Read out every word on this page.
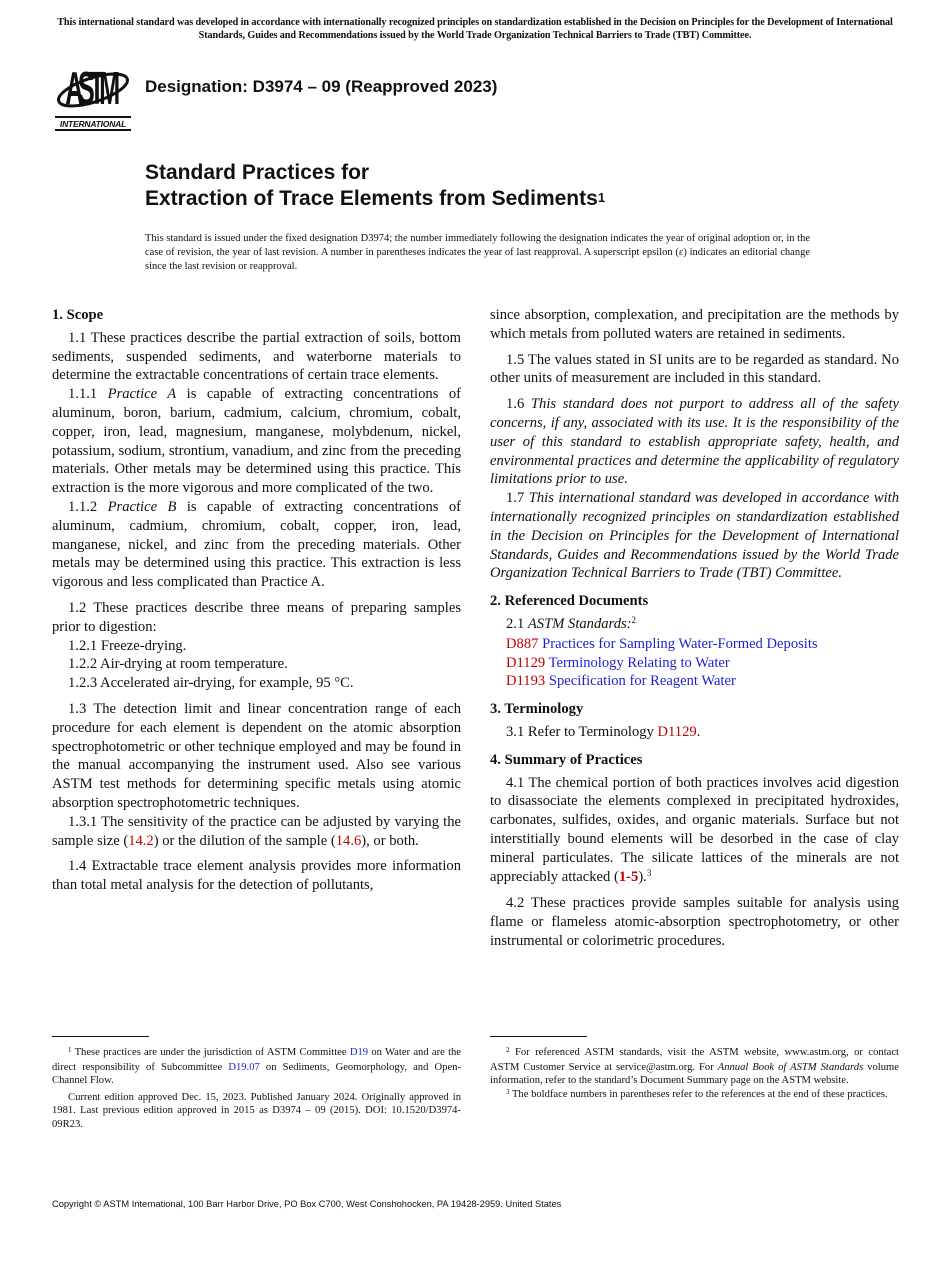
This international standard was developed in accordance with internationally recognized principles on standardization established in the Decision on Principles for the Development of International Standards, Guides and Recommendations issued by the World Trade Organization Technical Barriers to Trade (TBT) Committee.
ASTM
INTERNATIONAL
Designation: D3974 – 09 (Reapproved 2023)
Standard Practices for
Extraction of Trace Elements from Sediments$^1$
This standard is issued under the fixed designation D3974; the number immediately following the designation indicates the year of original adoption or, in the case of revision, the year of last revision. A number in parentheses indicates the year of last reapproval. A superscript epsilon (ε) indicates an editorial change since the last revision or reapproval.
1. Scope

1.1 These practices describe the partial extraction of soils, bottom sediments, suspended sediments, and waterborne materials to determine the extractable concentrations of certain trace elements.

1.1.1 Practice A is capable of extracting concentrations of aluminum, boron, barium, cadmium, calcium, chromium, cobalt, copper, iron, lead, magnesium, manganese, molybdenum, nickel, potassium, sodium, strontium, vanadium, and zinc from the preceding materials. Other metals may be determined using this practice. This extraction is the more vigorous and more complicated of the two.

1.1.2 Practice B is capable of extracting concentrations of aluminum, cadmium, chromium, cobalt, copper, iron, lead, manganese, nickel, and zinc from the preceding materials. Other metals may be determined using this practice. This extraction is less vigorous and less complicated than Practice A.

1.2 These practices describe three means of preparing samples prior to digestion:

1.2.1 Freeze-drying.

1.2.2 Air-drying at room temperature.

1.2.3 Accelerated air-drying, for example, 95 °C.

1.3 The detection limit and linear concentration range of each procedure for each element is dependent on the atomic absorption spectrophotometric or other technique employed and may be found in the manual accompanying the instrument used. Also see various ASTM test methods for determining specific metals using atomic absorption spectrophotometric techniques.

1.3.1 The sensitivity of the practice can be adjusted by varying the sample size (14.2) or the dilution of the sample (14.6), or both.

1.4 Extractable trace element analysis provides more information than total metal analysis for the detection of pollutants,

since absorption, complexation, and precipitation are the methods by which metals from polluted waters are retained in sediments.

1.5 The values stated in SI units are to be regarded as standard. No other units of measurement are included in this standard.

1.6 This standard does not purport to address all of the safety concerns, if any, associated with its use. It is the responsibility of the user of this standard to establish appropriate safety, health, and environmental practices and determine the applicability of regulatory limitations prior to use.

1.7 This international standard was developed in accordance with internationally recognized principles on standardization established in the Decision on Principles for the Development of International Standards, Guides and Recommendations issued by the World Trade Organization Technical Barriers to Trade (TBT) Committee.

2. Referenced Documents

2.1 ASTM Standards:$^2$

D887 Practices for Sampling Water-Formed Deposits

D1129 Terminology Relating to Water

D1193 Specification for Reagent Water

3. Terminology

3.1 Refer to Terminology D1129.

4. Summary of Practices

4.1 The chemical portion of both practices involves acid digestion to disassociate the elements complexed in precipitated hydroxides, carbonates, sulfides, oxides, and organic materials. Surface but not interstitially bound elements will be desorbed in the case of clay mineral particulates. The silicate lattices of the minerals are not appreciably attacked (1-5).$^3$

4.2 These practices provide samples suitable for analysis using flame or flameless atomic-absorption spectrophotometry, or other instrumental or colorimetric procedures.

$^1$ These practices are under the jurisdiction of ASTM Committee D19 on Water and are the direct responsibility of Subcommittee D19.07 on Sediments, Geomorphology, and Open-Channel Flow.

Current edition approved Dec. 15, 2023. Published January 2024. Originally approved in 1981. Last previous edition approved in 2015 as D3974 – 09 (2015). DOI: 10.1520/D3974-09R23.

$^2$ For referenced ASTM standards, visit the ASTM website, www.astm.org, or contact ASTM Customer Service at service@astm.org. For Annual Book of ASTM Standards volume information, refer to the standard’s Document Summary page on the ASTM website.

$^3$ The boldface numbers in parentheses refer to the references at the end of these practices.

Copyright © ASTM International, 100 Barr Harbor Drive, PO Box C700, West Conshohocken, PA 19428-2959. United States
